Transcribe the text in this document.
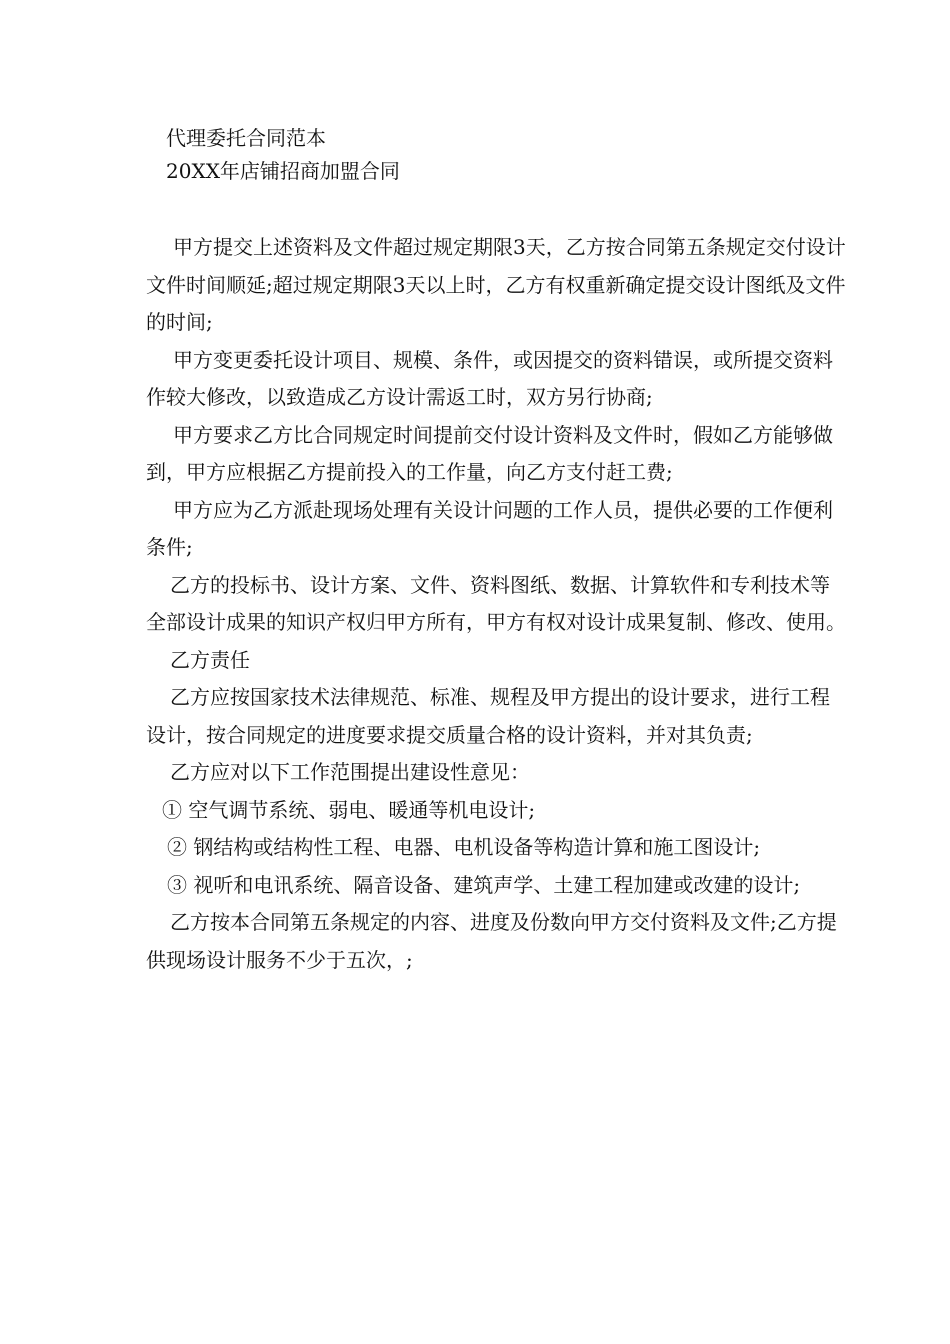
代理委托合同范本
20XX年店铺招商加盟合同

甲方提交上述资料及文件超过规定期限3天，乙方按合同第五条规定交付设计文件时间顺延;超过规定期限3天以上时，乙方有权重新确定提交设计图纸及文件的时间;

甲方变更委托设计项目、规模、条件，或因提交的资料错误，或所提交资料作较大修改，以致造成乙方设计需返工时，双方另行协商;

甲方要求乙方比合同规定时间提前交付设计资料及文件时，假如乙方能够做到，甲方应根据乙方提前投入的工作量，向乙方支付赶工费;

甲方应为乙方派赴现场处理有关设计问题的工作人员，提供必要的工作便利条件;

乙方的投标书、设计方案、文件、资料图纸、数据、计算软件和专利技术等全部设计成果的知识产权归甲方所有，甲方有权对设计成果复制、修改、使用。

乙方责任

乙方应按国家技术法律规范、标准、规程及甲方提出的设计要求，进行工程设计，按合同规定的进度要求提交质量合格的设计资料，并对其负责;

乙方应对以下工作范围提出建设性意见：

① 空气调节系统、弱电、暖通等机电设计;

② 钢结构或结构性工程、电器、电机设备等构造计算和施工图设计;

③ 视听和电讯系统、隔音设备、建筑声学、土建工程加建或改建的设计;

乙方按本合同第五条规定的内容、进度及份数向甲方交付资料及文件;乙方提供现场设计服务不少于五次，;
